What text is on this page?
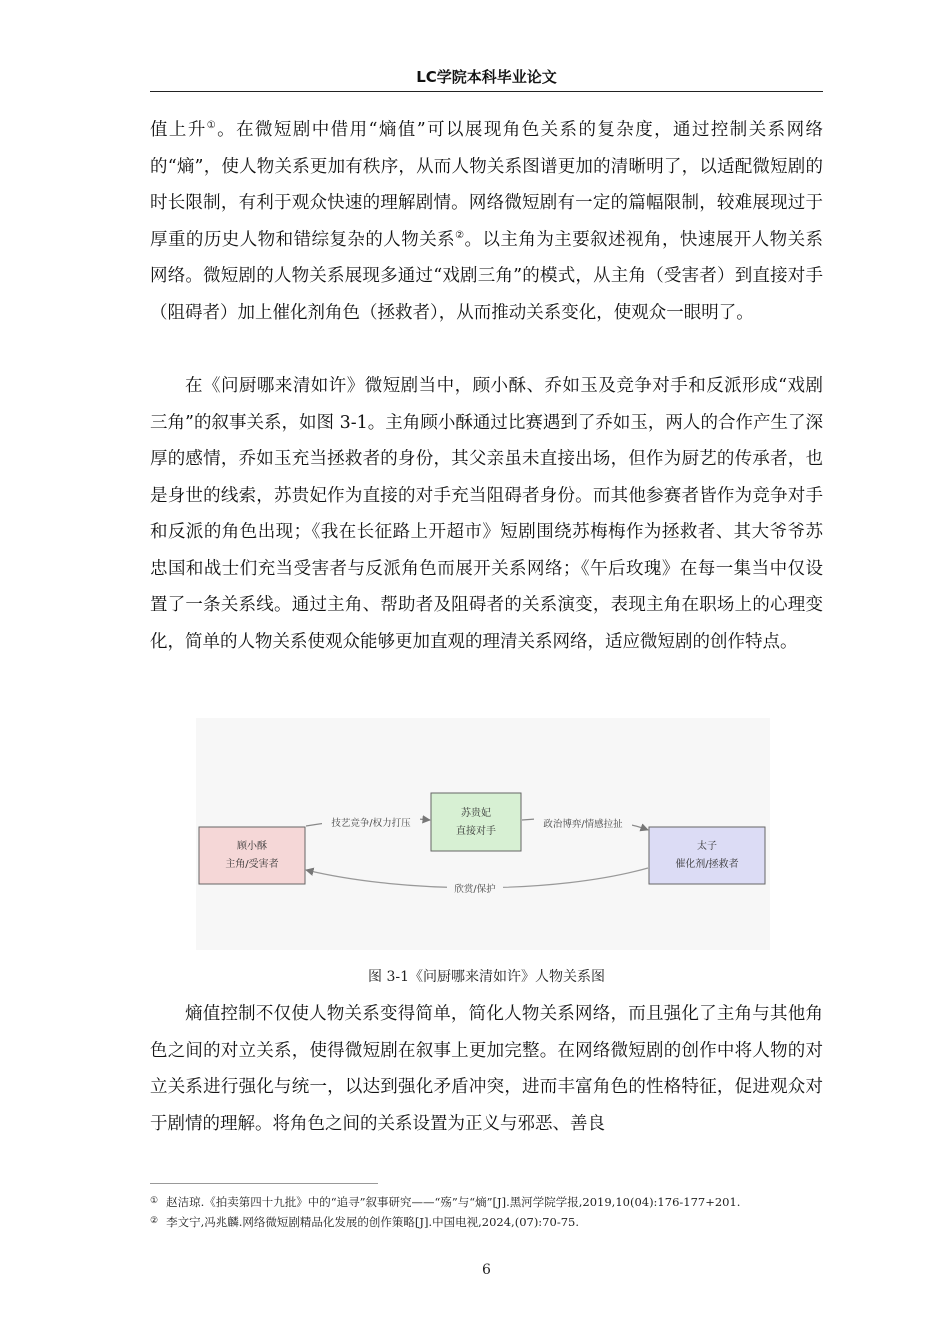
LC学院本科毕业论文

值上升①。在微短剧中借用“熵值”可以展现角色关系的复杂度，通过控制关系网络的“熵”，使人物关系更加有秩序，从而人物关系图谱更加的清晰明了，以适配微短剧的时长限制，有利于观众快速的理解剧情。网络微短剧有一定的篇幅限制，较难展现过于厚重的历史人物和错综复杂的人物关系②。以主角为主要叙述视角，快速展开人物关系网络。微短剧的人物关系展现多通过“戏剧三角”的模式，从主角（受害者）到直接对手（阻碍者）加上催化剂角色（拯救者），从而推动关系变化，使观众一眼明了。

在《问厨哪来清如许》微短剧当中，顾小酥、乔如玉及竞争对手和反派形成“戏剧三角”的叙事关系，如图 3-1。主角顾小酥通过比赛遇到了乔如玉，两人的合作产生了深厚的感情，乔如玉充当拯救者的身份，其父亲虽未直接出场，但作为厨艺的传承者，也是身世的线索，苏贵妃作为直接的对手充当阻碍者身份。而其他参赛者皆作为竞争对手和反派的角色出现；《我在长征路上开超市》短剧围绕苏梅梅作为拯救者、其大爷爷苏忠国和战士们充当受害者与反派角色而展开关系网络；《午后玫瑰》在每一集当中仅设置了一条关系线。通过主角、帮助者及阻碍者的关系演变，表现主角在职场上的心理变化，简单的人物关系使观众能够更加直观的理清关系网络，适应微短剧的创作特点。

技艺竞争/权力打压	政治博弈/情感拉扯
欣赏/保护
顾小酥
主角/受害者
苏贵妃
直接对手
太子
催化剂/拯救者
图 3-1《问厨哪来清如许》人物关系图

熵值控制不仅使人物关系变得简单，简化人物关系网络，而且强化了主角与其他角色之间的对立关系，使得微短剧在叙事上更加完整。在网络微短剧的创作中将人物的对立关系进行强化与统一，以达到强化矛盾冲突，进而丰富角色的性格特征，促进观众对于剧情的理解。将角色之间的关系设置为正义与邪恶、善良

① 赵洁琼.《拍卖第四十九批》中的“追寻”叙事研究——“殇”与“熵”[J].黑河学院学报,2019,10(04):176-177+201.
② 李文宁,冯兆麟.网络微短剧精品化发展的创作策略[J].中国电视,2024,(07):70-75.
6
